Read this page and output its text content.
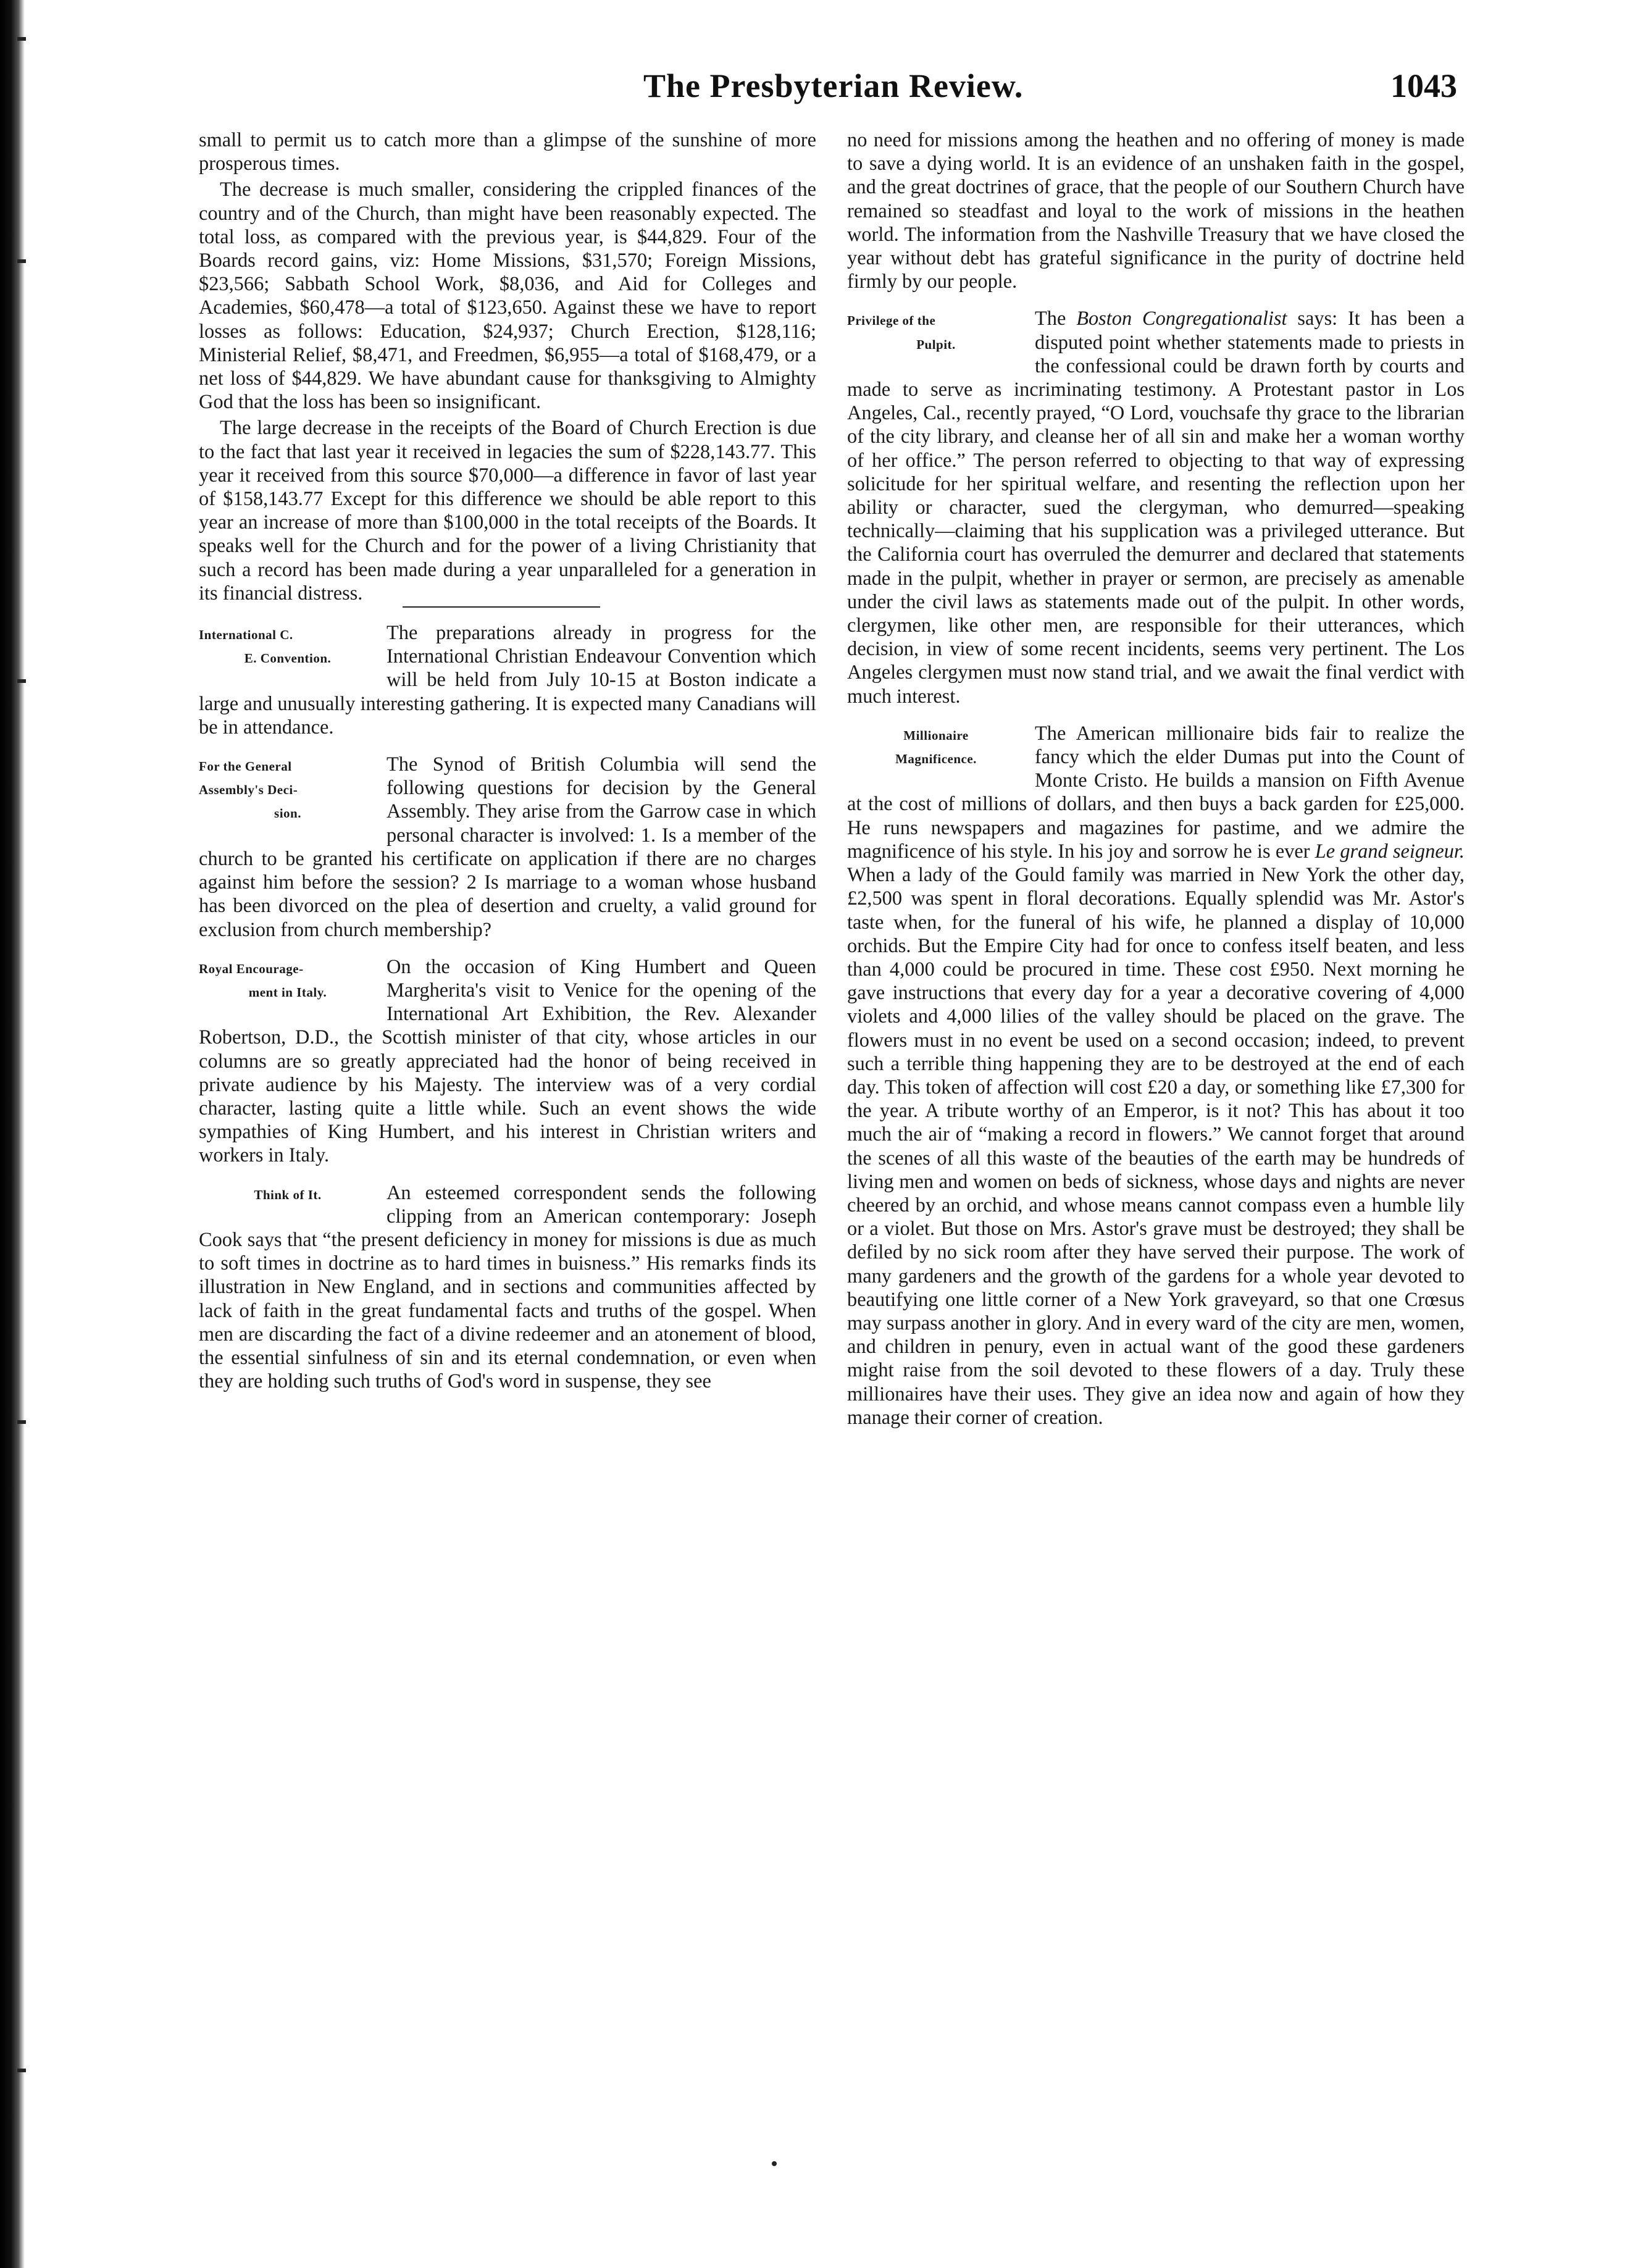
The Presbyterian Review.	1043

small to permit us to catch more than a glimpse of the sunshine of more prosperous times.

The decrease is much smaller, considering the crippled finances of the country and of the Church, than might have been reasonably expected. The total loss, as compared with the previous year, is $44,829. Four of the Boards record gains, viz: Home Missions, $31,570; Foreign Missions, $23,566; Sabbath School Work, $8,036, and Aid for Colleges and Academies, $60,478—a total of $123,650. Against these we have to report losses as follows: Education, $24,937; Church Erection, $128,116; Ministerial Relief, $8,471, and Freedmen, $6,955—a total of $168,479, or a net loss of $44,829. We have abundant cause for thanksgiving to Almighty God that the loss has been so insignificant.

The large decrease in the receipts of the Board of Church Erection is due to the fact that last year it received in legacies the sum of $228,143.77. This year it received from this source $70,000—a difference in favor of last year of $158,143.77 Except for this difference we should be able report to this year an increase of more than $100,000 in the total receipts of the Boards. It speaks well for the Church and for the power of a living Christianity that such a record has been made during a year unparalleled for a generation in its financial distress.

International C.
E. Convention.
The preparations already in progress for the International Christian Endeavour Convention which will be held from July 10-15 at Boston indicate a large and unusually interesting gathering. It is expected many Canadians will be in attendance.
For the General
Assembly's Deci-
sion.
The Synod of British Columbia will send the following questions for decision by the General Assembly. They arise from the Garrow case in which personal character is involved: 1. Is a member of the church to be granted his certificate on application if there are no charges against him before the session? 2 Is marriage to a woman whose husband has been divorced on the plea of desertion and cruelty, a valid ground for exclusion from church membership?
Royal Encourage-
ment in Italy.
On the occasion of King Humbert and Queen Margherita's visit to Venice for the opening of the International Art Exhibition, the Rev. Alexander Robertson, D.D., the Scottish minister of that city, whose articles in our columns are so greatly appreciated had the honor of being received in private audience by his Majesty. The interview was of a very cordial character, lasting quite a little while. Such an event shows the wide sympathies of King Humbert, and his interest in Christian writers and workers in Italy.
Think of It.	An esteemed correspondent sends the following clipping from an American contemporary: Joseph Cook says that “the present deficiency in money for missions is due as much to soft times in doctrine as to hard times in buisness.” His remarks finds its illustration in New England, and in sections and communities affected by lack of faith in the great fundamental facts and truths of the gospel. When men are discarding the fact of a divine redeemer and an atonement of blood, the essential sinfulness of sin and its eternal condemnation, or even when they are holding such truths of God's word in suspense, they see

no need for missions among the heathen and no offering of money is made to save a dying world. It is an evidence of an unshaken faith in the gospel, and the great doctrines of grace, that the people of our Southern Church have remained so steadfast and loyal to the work of missions in the heathen world. The information from the Nashville Treasury that we have closed the year without debt has grateful significance in the purity of doctrine held firmly by our people.

Privilege of the
Pulpit.
The Boston Congregationalist says: It has been a disputed point whether statements made to priests in the confessional could be drawn forth by courts and made to serve as incriminating testimony. A Protestant pastor in Los Angeles, Cal., recently prayed, “O Lord, vouchsafe thy grace to the librarian of the city library, and cleanse her of all sin and make her a woman worthy of her office.” The person referred to objecting to that way of expressing solicitude for her spiritual welfare, and resenting the reflection upon her ability or character, sued the clergyman, who demurred—speaking technically—claiming that his supplication was a privileged utterance. But the California court has overruled the demurrer and declared that statements made in the pulpit, whether in prayer or sermon, are precisely as amenable under the civil laws as statements made out of the pulpit. In other words, clergymen, like other men, are responsible for their utterances, which decision, in view of some recent incidents, seems very pertinent. The Los Angeles clergymen must now stand trial, and we await the final verdict with much interest.
Millionaire
Magnificence.
The American millionaire bids fair to realize the fancy which the elder Dumas put into the Count of Monte Cristo. He builds a mansion on Fifth Avenue at the cost of millions of dollars, and then buys a back garden for £25,000. He runs newspapers and magazines for pastime, and we admire the magnificence of his style. In his joy and sorrow he is ever Le grand seigneur. When a lady of the Gould family was married in New York the other day, £2,500 was spent in floral decorations. Equally splendid was Mr. Astor's taste when, for the funeral of his wife, he planned a display of 10,000 orchids. But the Empire City had for once to confess itself beaten, and less than 4,000 could be procured in time. These cost £950. Next morning he gave instructions that every day for a year a decorative covering of 4,000 violets and 4,000 lilies of the valley should be placed on the grave. The flowers must in no event be used on a second occasion; indeed, to prevent such a terrible thing happening they are to be destroyed at the end of each day. This token of affection will cost £20 a day, or something like £7,300 for the year. A tribute worthy of an Emperor, is it not? This has about it too much the air of “making a record in flowers.” We cannot forget that around the scenes of all this waste of the beauties of the earth may be hundreds of living men and women on beds of sickness, whose days and nights are never cheered by an orchid, and whose means cannot compass even a humble lily or a violet. But those on Mrs. Astor's grave must be destroyed; they shall be defiled by no sick room after they have served their purpose. The work of many gardeners and the growth of the gardens for a whole year devoted to beautifying one little corner of a New York graveyard, so that one Crœsus may surpass another in glory. And in every ward of the city are men, women, and children in penury, even in actual want of the good these gardeners might raise from the soil devoted to these flowers of a day. Truly these millionaires have their uses. They give an idea now and again of how they manage their corner of creation.
